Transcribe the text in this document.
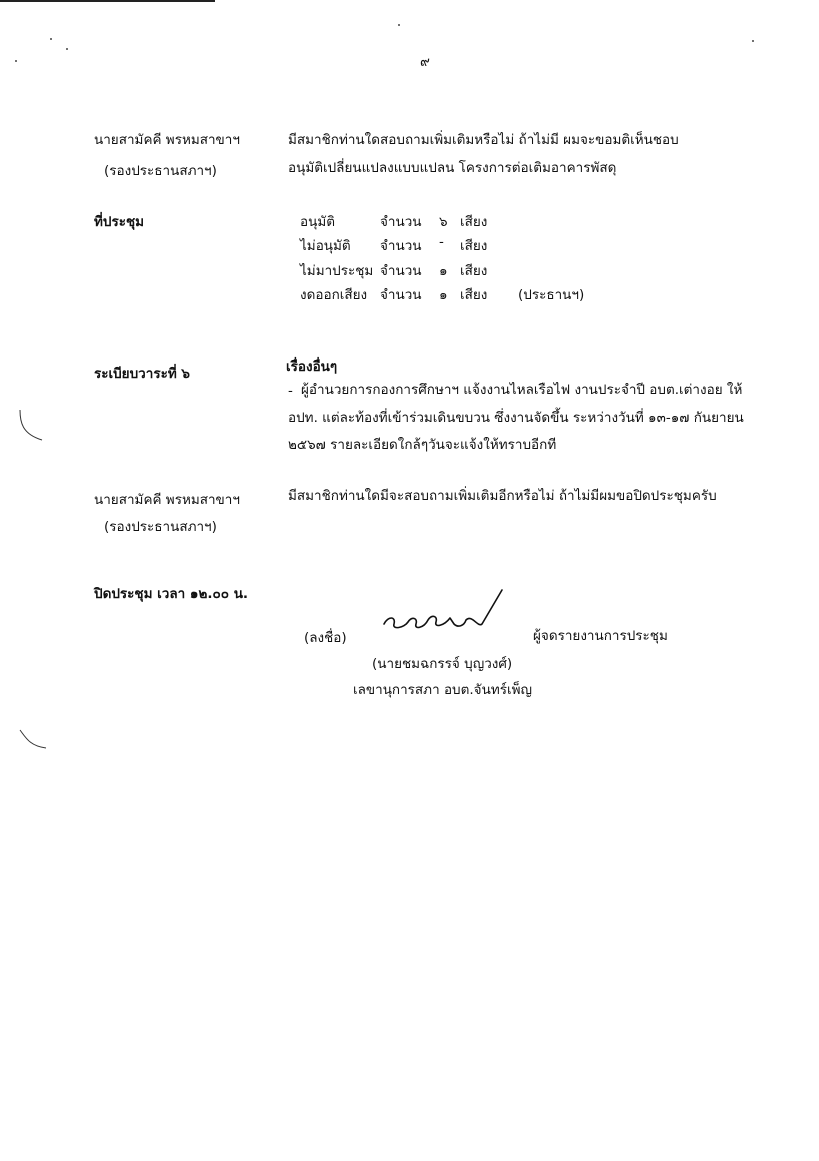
๙
นายสามัคคี พรหมสาขาฯ
(รองประธานสภาฯ)
มีสมาชิกท่านใดสอบถามเพิ่มเติมหรือไม่ ถ้าไม่มี ผมจะขอมติเห็นชอบ
อนุมัติเปลี่ยนแปลงแบบแปลน โครงการต่อเติมอาคารพัสดุ
ที่ประชุม	อนุมัติ	จำนวน ๖ เสียง
ไม่อนุมัติ จำนวน - เสียง
ไม่มาประชุม จำนวน ๑ เสียง
งดออกเสียง จำนวน ๑ เสียง (ประธานฯ)
ระเบียบวาระที่ ๖	เรื่องอื่นๆ
- ผู้อำนวยการกองการศึกษาฯ แจ้งงานไหลเรือไฟ งานประจำปี อบต.เต่างอย ให้
อปท. แต่ละท้องที่เข้าร่วมเดินขบวน ซึ่งงานจัดขึ้น ระหว่างวันที่ ๑๓-๑๗ กันยายน
๒๕๖๗ รายละเอียดใกล้ๆวันจะแจ้งให้ทราบอีกที
นายสามัคคี พรหมสาขาฯ
(รองประธานสภาฯ)
มีสมาชิกท่านใดมีจะสอบถามเพิ่มเติมอีกหรือไม่ ถ้าไม่มีผมขอปิดประชุมครับ
ปิดประชุม เวลา ๑๒.๐๐ น.
(ลงชื่อ)	ผู้จดรายงานการประชุม
(นายชมฉกรรจ์ บุญวงศ์)
เลขานุการสภา อบต.จันทร์เพ็ญ
